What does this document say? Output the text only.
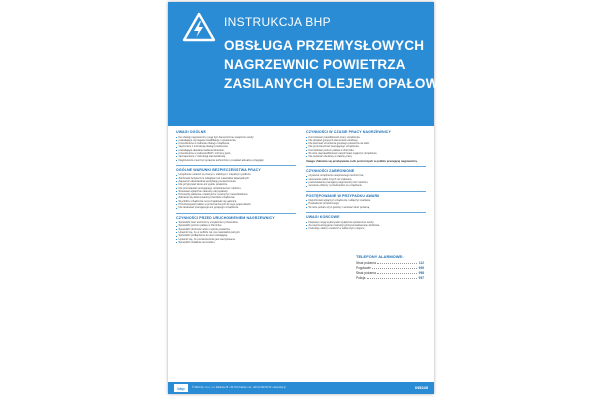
INSTRUKCJA BHP
OBSŁUGA PRZEMYSŁOWYCH
NAGRZEWNIC POWIETRZA
ZASILANYCH OLEJEM OPAŁOWYM
UWAGI OGÓLNE
Do obsługi nagrzewnicy mogą być dopuszczone wyłącznie osoby:
posiadające wymagane kwalifikacje i uprawnienia,
przeszkolone w zakresie obsługi urządzenia,
zapoznane z instrukcją obsługi producenta,
posiadające aktualne badania lekarskie,
przeszkolone w zakresie BHP i ochrony ppoż.,
zaznajomione z instrukcją stanowiskową.
Nagrzewnica musi być sprawna technicznie i posiadać aktualne przeglądy.
OGÓLNE WARUNKI BEZPIECZEŃSTWA PRACY
Urządzenie ustawić na równym, stabilnym i niepalnym podłożu.
Zachować bezpieczne odległości od materiałów łatwopalnych.
Zapewnić odpowiednią wentylację pomieszczenia.
Nie przykrywać wlotu ani wylotu powietrza.
Nie pozostawiać pracującego urządzenia bez nadzoru.
Stosować wyłącznie zalecany olej opałowy.
Przewody paliwowe i elektryczne muszą być nieuszkodzone.
Zabrania się dokonywania przeróbek urządzenia.
W pobliżu urządzenia musi znajdować się gaśnica.
Przechowywać paliwo w przeznaczonych do tego pojemnikach.
Nie tankować pracującego ani gorącego urządzenia.
CZYNNOŚCI PRZED URUCHOMIENIEM NAGRZEWNICY
Sprawdzić stan techniczny urządzenia i przewodów.
Sprawdzić poziom paliwa w zbiorniku.
Sprawdzić drożność wlotu i wylotu powietrza.
Upewnić się, że w pobliżu nie ma materiałów palnych.
Sprawdzić podłączenie do sieci zasilającej.
Upewnić się, że pomieszczenie jest wentylowane.
Sprawdzić działanie termostatu.
CZYNNOŚCI W CZASIE PRACY NAGRZEWNICY
Kontrolować prawidłowość pracy urządzenia.
Nie dotykać gorących elementów obudowy.
Nie kierować strumienia gorącego powietrza na ludzi.
Nie przemieszczać pracującego urządzenia.
Kontrolować poziom paliwa w zbiorniku.
W razie nieprawidłowości natychmiast wyłączyć urządzenie.
Nie otwierać obudowy w trakcie pracy.

Uwaga: Zabrania się przebywania osób postronnych w pobliżu pracującej nagrzewnicy.

CZYNNOŚCI ZABRONIONE
używanie urządzenia niesprawnego technicznie,
stosowanie paliw innych niż zalecane,
pozostawianie pracującej nagrzewnicy bez nadzoru,
suszenie odzieży i przedmiotów na urządzeniu.
POSTĘPOWANIE W PRZYPADKU AWARII
Natychmiast wyłączyć urządzenie i odłączyć zasilanie.
Powiadomić przełożonego.
W razie pożaru użyć gaśnicy i wezwać straż pożarną.
UWAGI KOŃCOWE
Naprawy mogą wykonywać wyłącznie uprawnione osoby.
Za nieprzestrzeganie instrukcji grożą konsekwencje służbowe.
Instrukcję należy umieścić w widocznym miejscu.
TELEFONY ALARMOWE:
Straż pożarna	112
Pogotowie	999
Straż pożarna	998
Policja	997
bhp	© 2024 Sp. z o.o. • ul. Zabłocie 25 • 30-701 Kraków • tel. +48 12 000 00 00 • www.bhp.pl	IN5245
